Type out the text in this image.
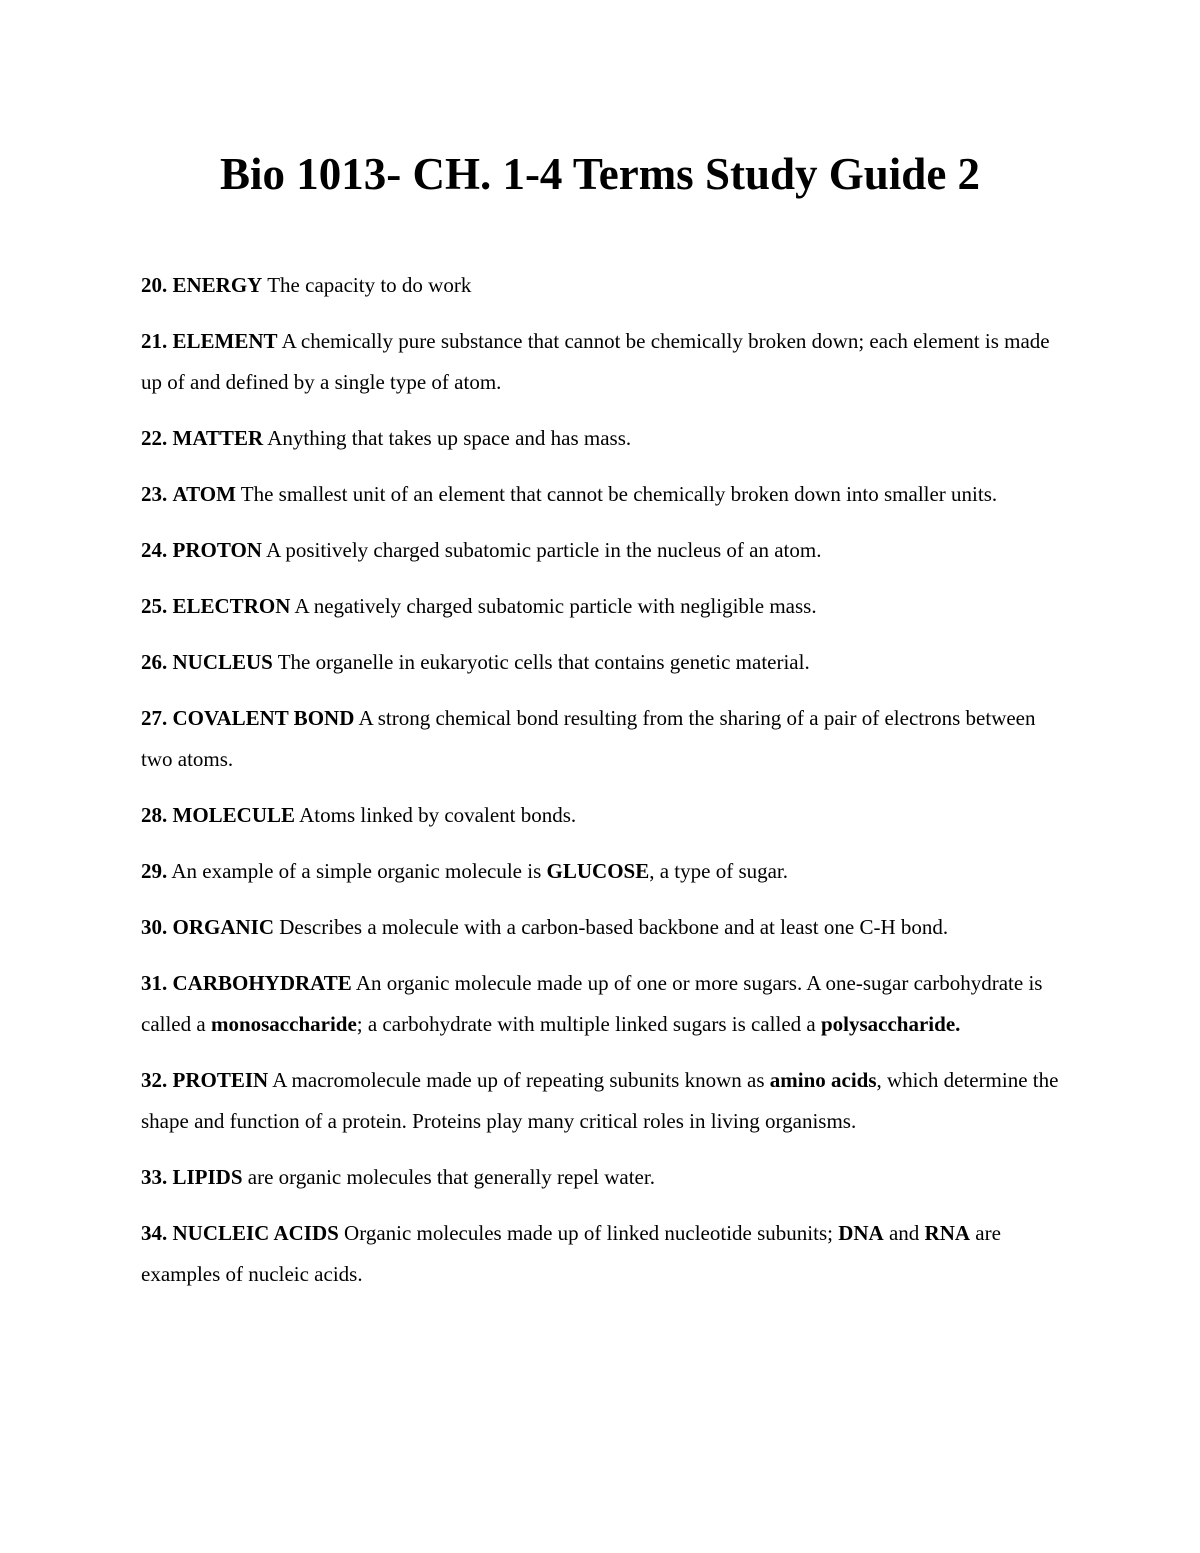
Bio 1013- CH. 1-4 Terms Study Guide 2

20. ENERGY The capacity to do work

21. ELEMENT A chemically pure substance that cannot be chemically broken down; each element is made up of and defined by a single type of atom.

22. MATTER Anything that takes up space and has mass.

23. ATOM The smallest unit of an element that cannot be chemically broken down into smaller units.

24. PROTON A positively charged subatomic particle in the nucleus of an atom.

25. ELECTRON A negatively charged subatomic particle with negligible mass.

26. NUCLEUS The organelle in eukaryotic cells that contains genetic material.

27. COVALENT BOND A strong chemical bond resulting from the sharing of a pair of electrons between two atoms.

28. MOLECULE Atoms linked by covalent bonds.

29. An example of a simple organic molecule is GLUCOSE, a type of sugar.

30. ORGANIC Describes a molecule with a carbon-based backbone and at least one C-H bond.

31. CARBOHYDRATE An organic molecule made up of one or more sugars. A one-sugar carbohydrate is called a monosaccharide; a carbohydrate with multiple linked sugars is called a polysaccharide.

32. PROTEIN A macromolecule made up of repeating subunits known as amino acids, which determine the shape and function of a protein. Proteins play many critical roles in living organisms.

33. LIPIDS are organic molecules that generally repel water.

34. NUCLEIC ACIDS Organic molecules made up of linked nucleotide subunits; DNA and RNA are examples of nucleic acids.
